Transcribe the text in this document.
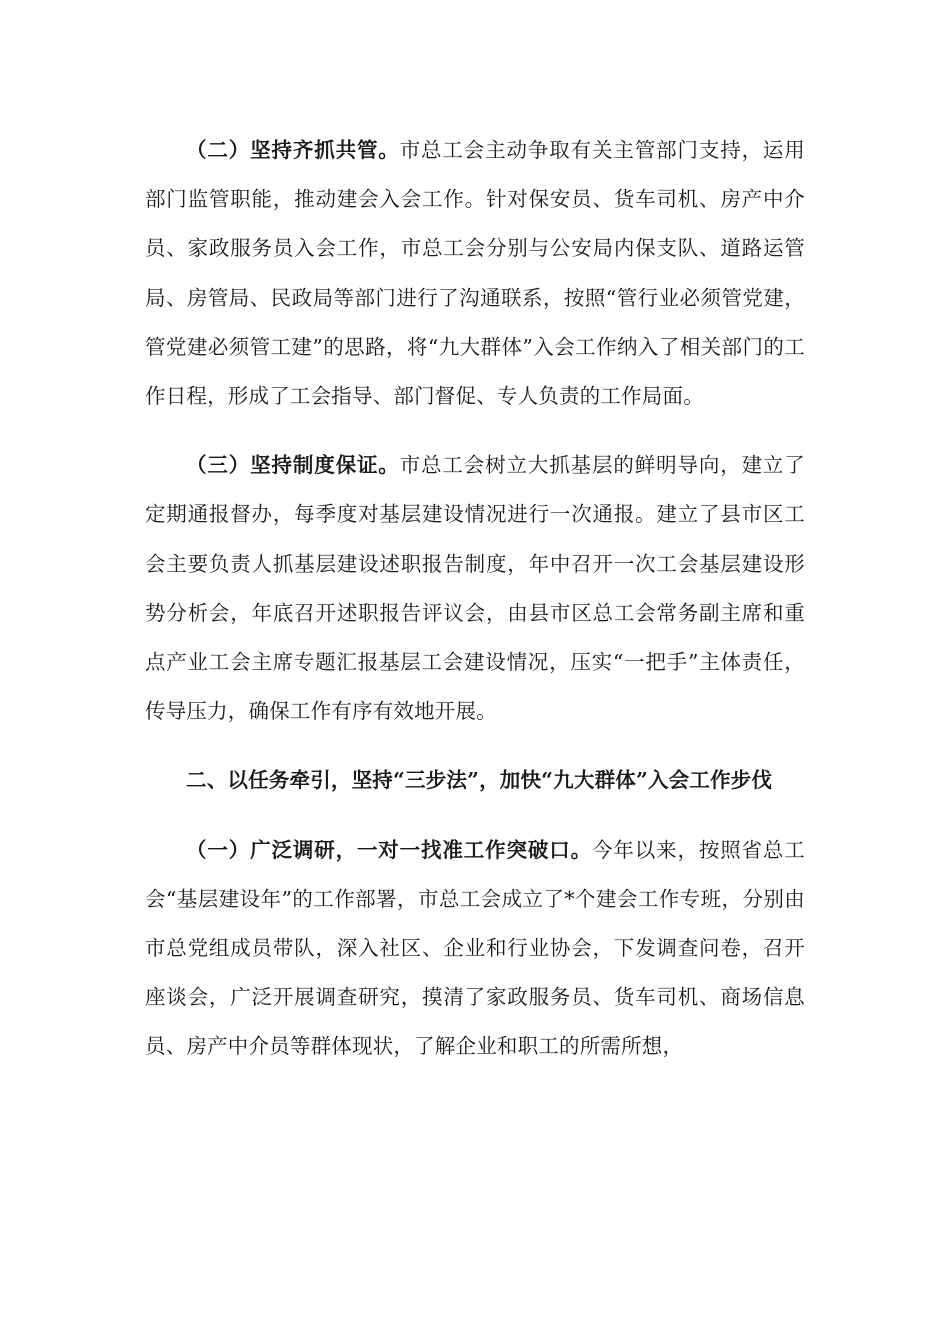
（二）坚持齐抓共管。市总工会主动争取有关主管部门支持，运用部门监管职能，推动建会入会工作。针对保安员、货车司机、房产中介员、家政服务员入会工作，市总工会分别与公安局内保支队、道路运管局、房管局、民政局等部门进行了沟通联系，按照“管行业必须管党建，管党建必须管工建”的思路，将“九大群体”入会工作纳入了相关部门的工作日程，形成了工会指导、部门督促、专人负责的工作局面。

（三）坚持制度保证。市总工会树立大抓基层的鲜明导向，建立了定期通报督办，每季度对基层建设情况进行一次通报。建立了县市区工会主要负责人抓基层建设述职报告制度，年中召开一次工会基层建设形势分析会，年底召开述职报告评议会，由县市区总工会常务副主席和重点产业工会主席专题汇报基层工会建设情况，压实“一把手”主体责任，传导压力，确保工作有序有效地开展。

二、以任务牵引，坚持“三步法”，加快“九大群体”入会工作步伐

（一）广泛调研，一对一找准工作突破口。今年以来，按照省总工会“基层建设年”的工作部署，市总工会成立了*个建会工作专班，分别由市总党组成员带队，深入社区、企业和行业协会，下发调查问卷，召开座谈会，广泛开展调查研究，摸清了家政服务员、货车司机、商场信息员、房产中介员等群体现状，了解企业和职工的所需所想，
